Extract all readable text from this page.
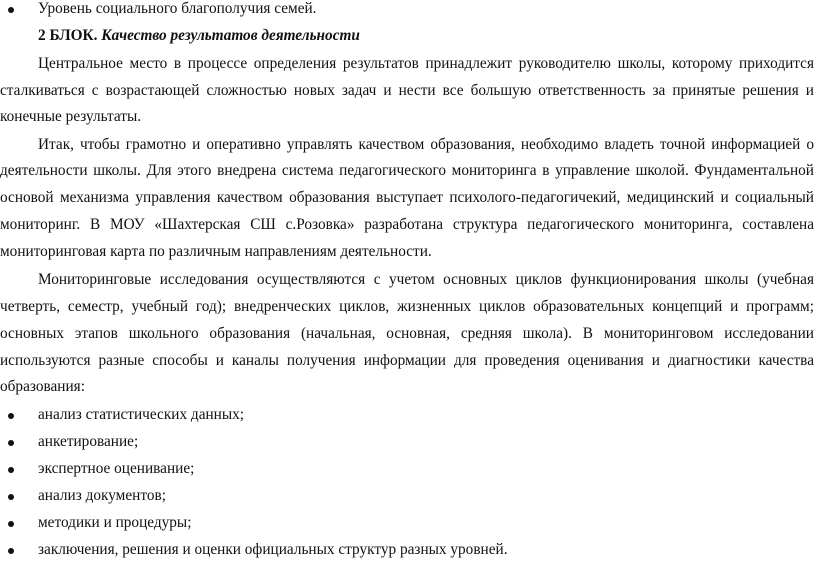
Уровень социального благополучия семей.
2 БЛОК. Качество результатов деятельности
Центральное место в процессе определения результатов принадлежит руководителю школы, которому приходится
сталкиваться с возрастающей сложностью новых задач и нести все большую ответственность за принятые решения и
конечные результаты.
Итак, чтобы грамотно и оперативно управлять качеством образования, необходимо владеть точной информацией о
деятельности школы. Для этого внедрена система педагогического мониторинга в управление школой. Фундаментальной
основой механизма управления качеством образования выступает психолого-педагогичекий, медицинский и социальный
мониторинг. В МОУ «Шахтерская СШ с.Розовка» разработана структура педагогического мониторинга, составлена
мониторинговая карта по различным направлениям деятельности.
Мониторинговые исследования осуществляются с учетом основных циклов функционирования школы (учебная
четверть, семестр, учебный год); внедренческих циклов, жизненных циклов образовательных концепций и программ;
основных этапов школьного образования (начальная, основная, средняя школа). В мониторинговом исследовании
используются разные способы и каналы получения информации для проведения оценивания и диагностики качества
образования:
анализ статистических данных;
анкетирование;
экспертное оценивание;
анализ документов;
методики и процедуры;
заключения, решения и оценки официальных структур разных уровней.
